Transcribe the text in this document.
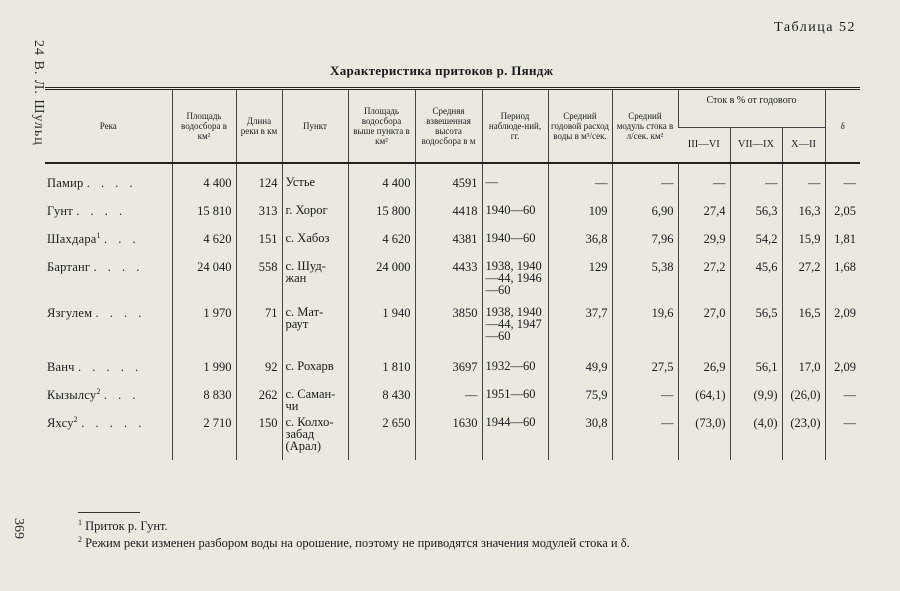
24 В. Л. Шульц
369
Таблица 52
Характеристика притоков р. Пяндж
Река	Площадь водосбора в км²	Длина реки в км	Пункт	Площадь водосбора выше пункта в км²	Средняя взвешенная высота водосбора в м	Период наблюде-ний, гг.	Средний годовой расход воды в м³/сек.	Средний модуль стока в л/сек. км²	Сток в % от годового			δ
									III—VI	VII—IX	X—II	

Памир . . . .	4 400	124	Устье	4 400	4591	—	—	—	—	—	—	—
Гунт . . . .	15 810	313	г. Хорог	15 800	4418	1940—60	109	6,90	27,4	56,3	16,3	2,05
Шахдара$^1$ . . .	4 620	151	с. Хабоз	4 620	4381	1940—60	36,8	7,96	29,9	54,2	15,9	1,81
Бартанг . . . .	24 040	558	с. Шуд-жан	24 000	4433	1938, 1940—44, 1946—60	129	5,38	27,2	45,6	27,2	1,68
Язгулем . . . .	1 970	71	с. Мат-раут	1 940	3850	1938, 1940—44, 1947—60	37,7	19,6	27,0	56,5	16,5	2,09
Ванч . . . . .	1 990	92	с. Рохарв	1 810	3697	1932—60	49,9	27,5	26,9	56,1	17,0	2,09
Кызылсу$^2$ . . .	8 830	262	с. Саман-чи	8 430	—	1951—60	75,9	—	(64,1)	(9,9)	(26,0)	—
Яхсу$^2$ . . . . .	2 710	150	с. Колхо-забад (Арал)	2 650	1630	1944—60	30,8	—	(73,0)	(4,0)	(23,0)	—
$^1$ Приток р. Гунт.
$^2$ Режим реки изменен разбором воды на орошение, поэтому не приводятся значения модулей стока и δ.
